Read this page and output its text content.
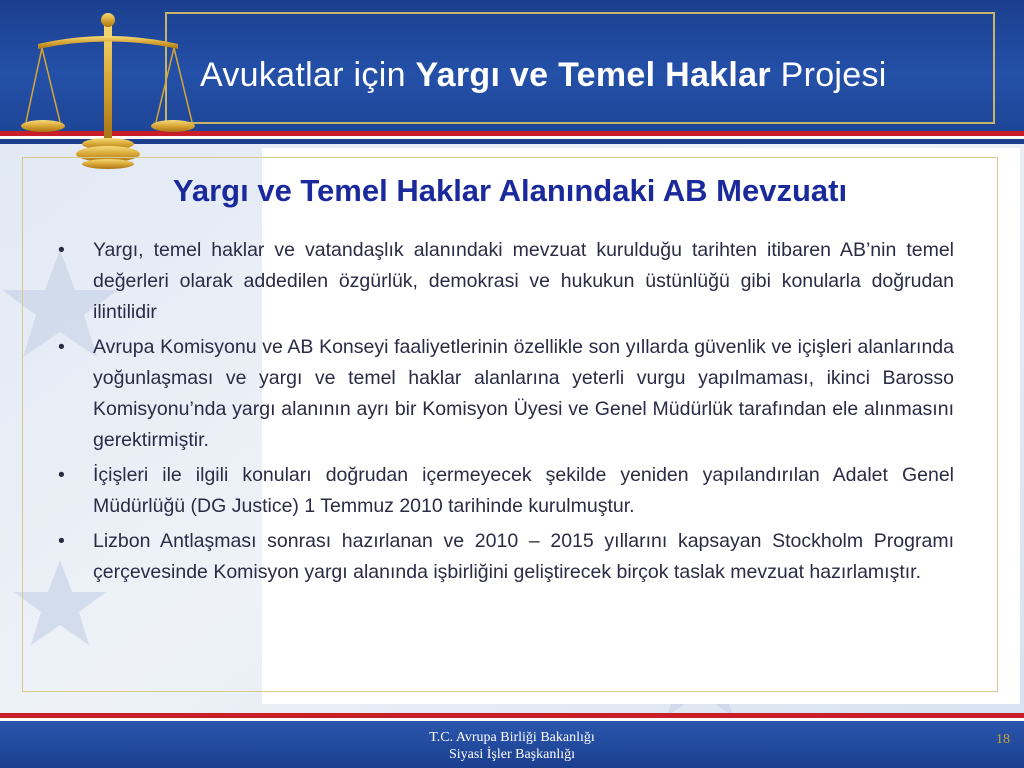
Avukatlar için Yargı ve Temel Haklar Projesi
Yargı ve Temel Haklar Alanındaki AB Mevzuatı
• Yargı, temel haklar ve vatandaşlık alanındaki mevzuat kurulduğu tarihten itibaren AB’nin temel değerleri olarak addedilen özgürlük, demokrasi ve hukukun üstünlüğü gibi konularla doğrudan ilintilidir
• Avrupa Komisyonu ve AB Konseyi faaliyetlerinin özellikle son yıllarda güvenlik ve içişleri alanlarında yoğunlaşması ve yargı ve temel haklar alanlarına yeterli vurgu yapılmaması, ikinci Barosso Komisyonu’nda yargı alanının ayrı bir Komisyon Üyesi ve Genel Müdürlük tarafından ele alınmasını gerektirmiştir.
• İçişleri ile ilgili konuları doğrudan içermeyecek şekilde yeniden yapılandırılan Adalet Genel Müdürlüğü (DG Justice) 1 Temmuz 2010 tarihinde kurulmuştur.
• Lizbon Antlaşması sonrası hazırlanan ve 2010 – 2015 yıllarını kapsayan Stockholm Programı çerçevesinde Komisyon yargı alanında işbirliğini geliştirecek birçok taslak mevzuat hazırlamıştır.
T.C. Avrupa Birliği Bakanlığı
Siyasi İşler Başkanlığı
18
